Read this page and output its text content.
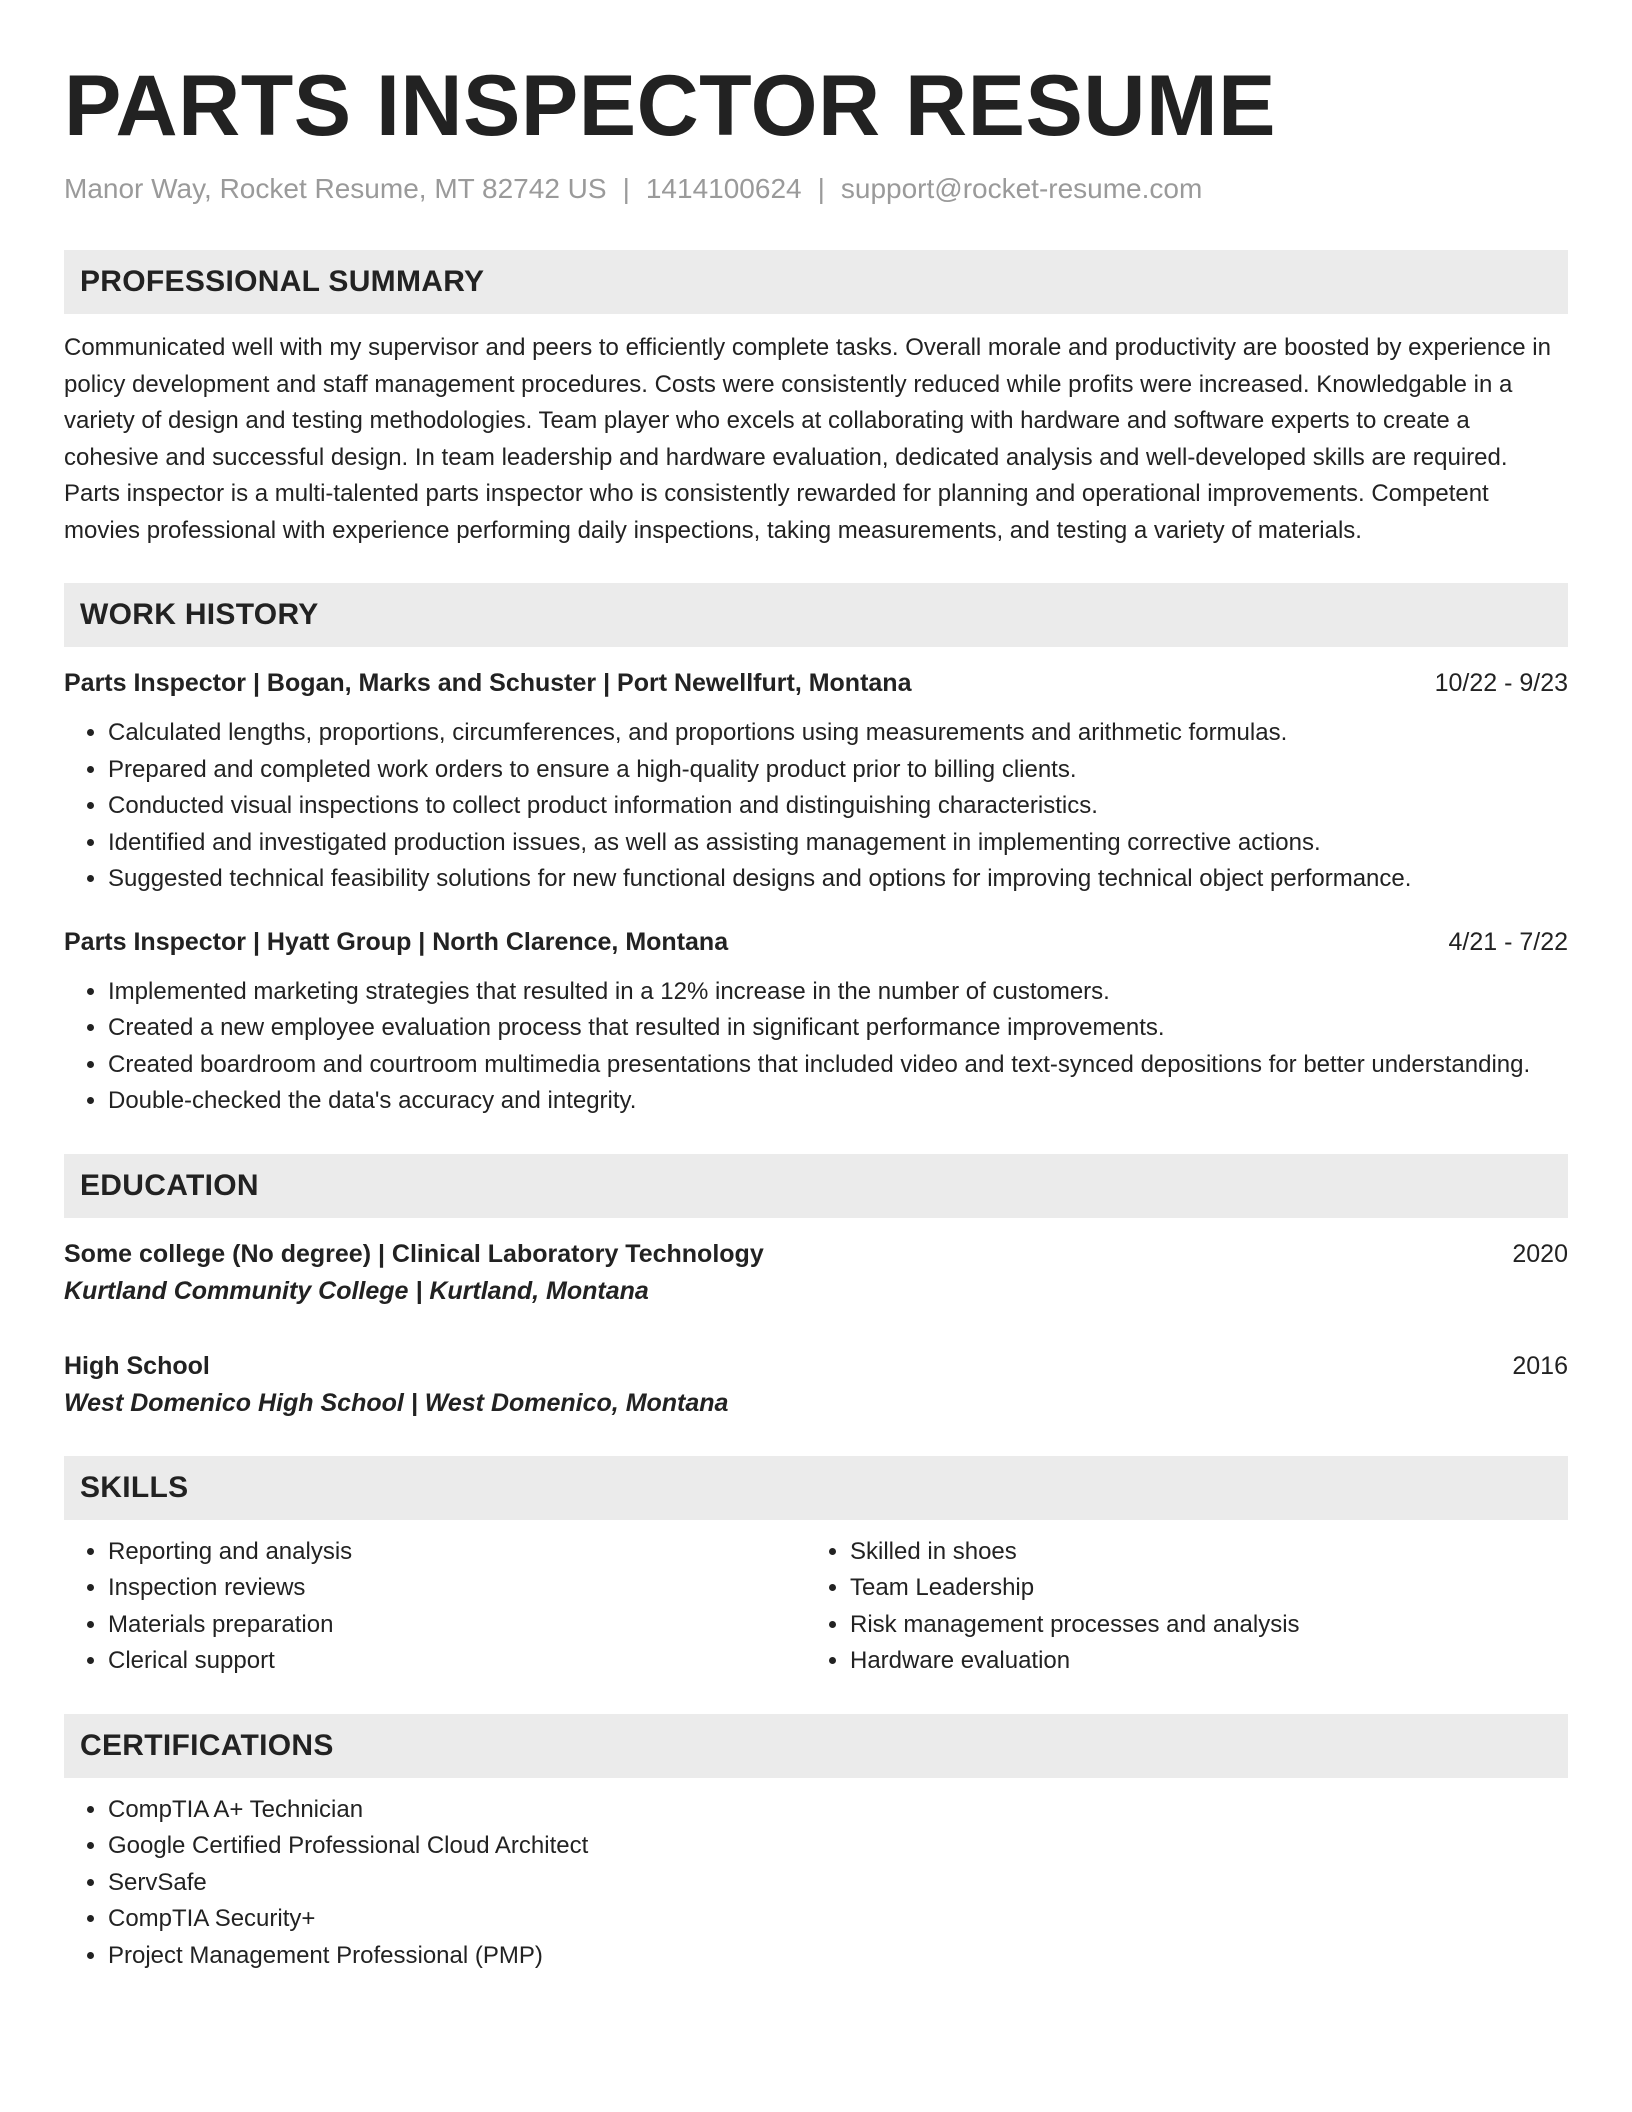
PARTS INSPECTOR RESUME
Manor Way, Rocket Resume, MT 82742 US | 1414100624 | support@rocket-resume.com
PROFESSIONAL SUMMARY
Communicated well with my supervisor and peers to efficiently complete tasks. Overall morale and productivity are boosted by experience in policy development and staff management procedures. Costs were consistently reduced while profits were increased. Knowledgable in a variety of design and testing methodologies. Team player who excels at collaborating with hardware and software experts to create a cohesive and successful design. In team leadership and hardware evaluation, dedicated analysis and well-developed skills are required. Parts inspector is a multi-talented parts inspector who is consistently rewarded for planning and operational improvements. Competent movies professional with experience performing daily inspections, taking measurements, and testing a variety of materials.
WORK HISTORY
Parts Inspector | Bogan, Marks and Schuster | Port Newellfurt, Montana	10/22 - 9/23
• Calculated lengths, proportions, circumferences, and proportions using measurements and arithmetic formulas.
• Prepared and completed work orders to ensure a high-quality product prior to billing clients.
• Conducted visual inspections to collect product information and distinguishing characteristics.
• Identified and investigated production issues, as well as assisting management in implementing corrective actions.
• Suggested technical feasibility solutions for new functional designs and options for improving technical object performance.
Parts Inspector | Hyatt Group | North Clarence, Montana	4/21 - 7/22
• Implemented marketing strategies that resulted in a 12% increase in the number of customers.
• Created a new employee evaluation process that resulted in significant performance improvements.
• Created boardroom and courtroom multimedia presentations that included video and text-synced depositions for better understanding.
• Double-checked the data's accuracy and integrity.
EDUCATION
Some college (No degree) | Clinical Laboratory Technology	2020
Kurtland Community College | Kurtland, Montana
High School	2016
West Domenico High School | West Domenico, Montana
SKILLS
• Reporting and analysis
• Inspection reviews
• Materials preparation
• Clerical support
• Skilled in shoes
• Team Leadership
• Risk management processes and analysis
• Hardware evaluation
CERTIFICATIONS
• CompTIA A+ Technician
• Google Certified Professional Cloud Architect
• ServSafe
• CompTIA Security+
• Project Management Professional (PMP)
